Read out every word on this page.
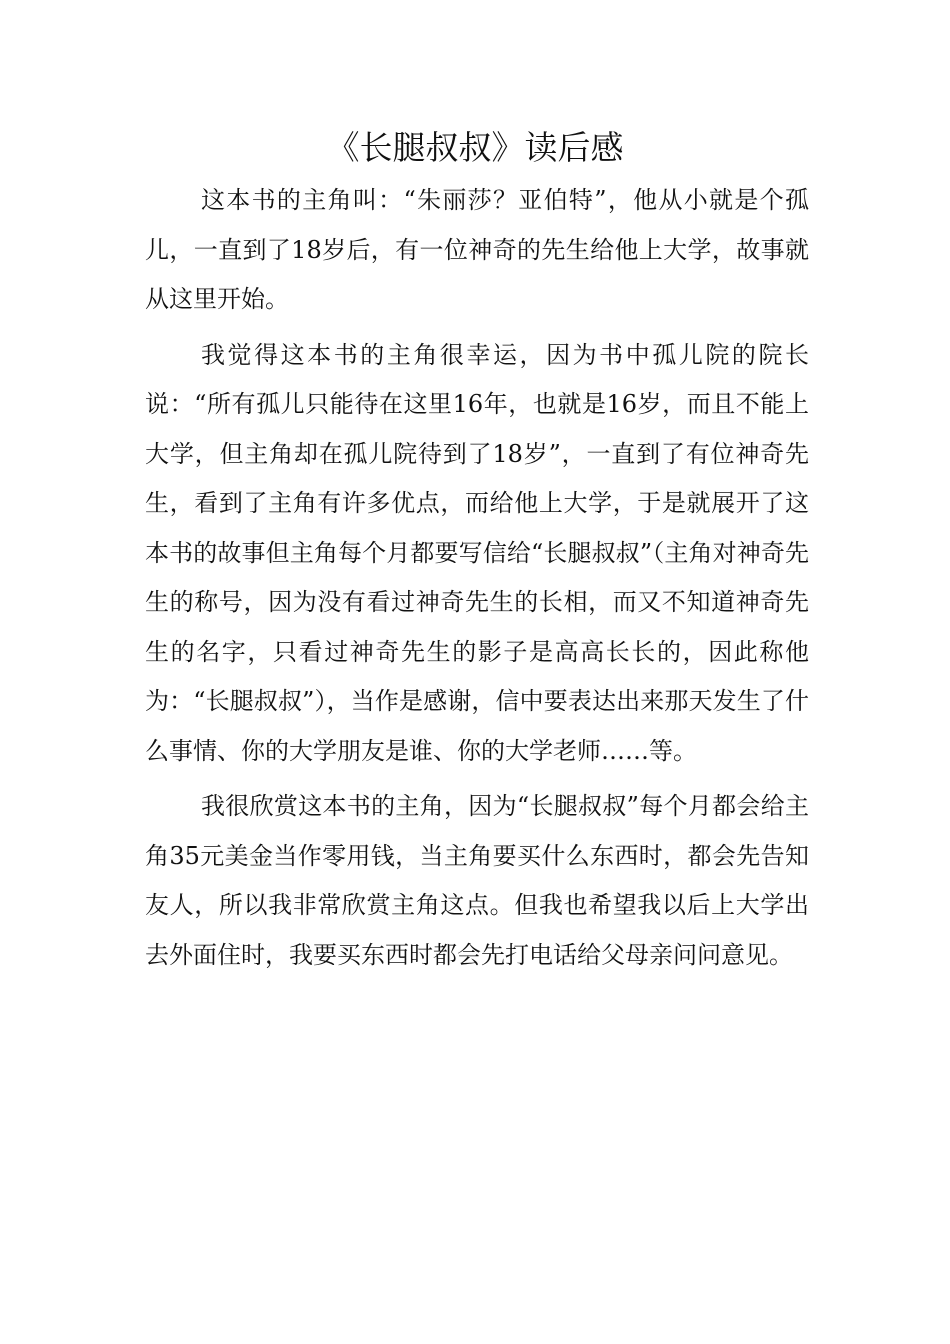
《长腿叔叔》读后感

这本书的主角叫：“朱丽莎？亚伯特”，他从小就是个孤儿，一直到了18岁后，有一位神奇的先生给他上大学，故事就从这里开始。

我觉得这本书的主角很幸运，因为书中孤儿院的院长说：“所有孤儿只能待在这里16年，也就是16岁，而且不能上大学，但主角却在孤儿院待到了18岁”，一直到了有位神奇先生，看到了主角有许多优点，而给他上大学，于是就展开了这本书的故事但主角每个月都要写信给“长腿叔叔”（主角对神奇先生的称号，因为没有看过神奇先生的长相，而又不知道神奇先生的名字，只看过神奇先生的影子是高高长长的，因此称他为：“长腿叔叔”），当作是感谢，信中要表达出来那天发生了什么事情、你的大学朋友是谁、你的大学老师……等。

我很欣赏这本书的主角，因为“长腿叔叔”每个月都会给主角35元美金当作零用钱，当主角要买什么东西时，都会先告知友人，所以我非常欣赏主角这点。但我也希望我以后上大学出去外面住时，我要买东西时都会先打电话给父母亲问问意见。
